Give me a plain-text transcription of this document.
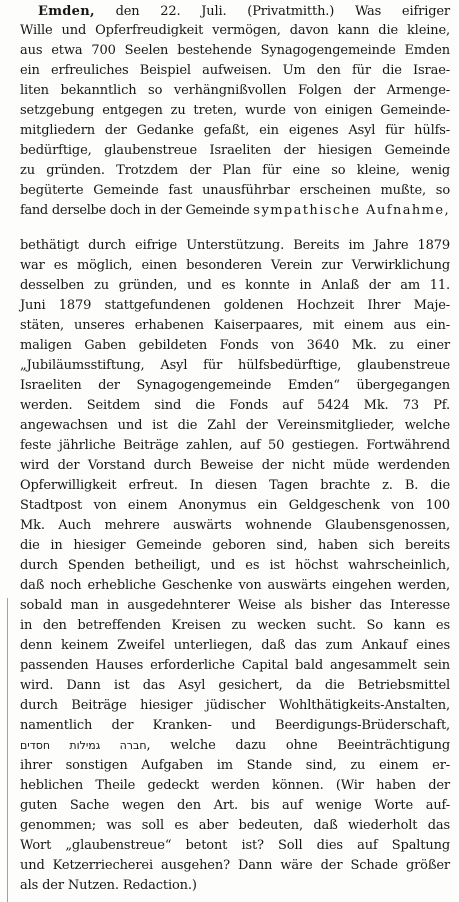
Emden, den 22. Juli. (Privatmitth.) Was eifriger

Wille und Opferfreudigkeit vermögen, davon kann die kleine,

aus etwa 700 Seelen bestehende Synagogengemeinde Emden

ein erfreuliches Beispiel aufweisen. Um den für die Israe-

liten bekanntlich so verhängnißvollen Folgen der Armenge-

setzgebung entgegen zu treten, wurde von einigen Gemeinde-

mitgliedern der Gedanke gefaßt, ein eigenes Asyl für hülfs-

bedürftige, glaubenstreue Israeliten der hiesigen Gemeinde

zu gründen. Trotzdem der Plan für eine so kleine, wenig

begüterte Gemeinde fast unausführbar erscheinen mußte, so

fand derselbe doch in der Gemeinde sympathische Aufnahme,

bethätigt durch eifrige Unterstützung. Bereits im Jahre 1879

war es möglich, einen besonderen Verein zur Verwirklichung

desselben zu gründen, und es konnte in Anlaß der am 11.

Juni 1879 stattgefundenen goldenen Hochzeit Ihrer Maje-

stäten, unseres erhabenen Kaiserpaares, mit einem aus ein-

maligen Gaben gebildeten Fonds von 3640 Mk. zu einer

„Jubiläumsstiftung, Asyl für hülfsbedürftige, glaubenstreue

Israeliten der Synagogengemeinde Emden“ übergegangen

werden. Seitdem sind die Fonds auf 5424 Mk. 73 Pf.

angewachsen und ist die Zahl der Vereinsmitglieder, welche

feste jährliche Beiträge zahlen, auf 50 gestiegen. Fortwährend

wird der Vorstand durch Beweise der nicht müde werdenden

Opferwilligkeit erfreut. In diesen Tagen brachte z. B. die

Stadtpost von einem Anonymus ein Geldgeschenk von 100

Mk. Auch mehrere auswärts wohnende Glaubensgenossen,

die in hiesiger Gemeinde geboren sind, haben sich bereits

durch Spenden betheiligt, und es ist höchst wahrscheinlich,

daß noch erhebliche Geschenke von auswärts eingehen werden,

sobald man in ausgedehnterer Weise als bisher das Interesse

in den betreffenden Kreisen zu wecken sucht. So kann es

denn keinem Zweifel unterliegen, daß das zum Ankauf eines

passenden Hauses erforderliche Capital bald angesammelt sein

wird. Dann ist das Asyl gesichert, da die Betriebsmittel

durch Beiträge hiesiger jüdischer Wohlthätigkeits-Anstalten,

namentlich der Kranken- und Beerdigungs-Brüderschaft,

חברה גמילות חסדים, welche dazu ohne Beeinträchtigung

ihrer sonstigen Aufgaben im Stande sind, zu einem er-

heblichen Theile gedeckt werden können. (Wir haben der

guten Sache wegen den Art. bis auf wenige Worte auf-

genommen; was soll es aber bedeuten, daß wiederholt das

Wort „glaubenstreue“ betont ist? Soll dies auf Spaltung

und Ketzerriecherei ausgehen? Dann wäre der Schade größer

als der Nutzen. Redaction.)
